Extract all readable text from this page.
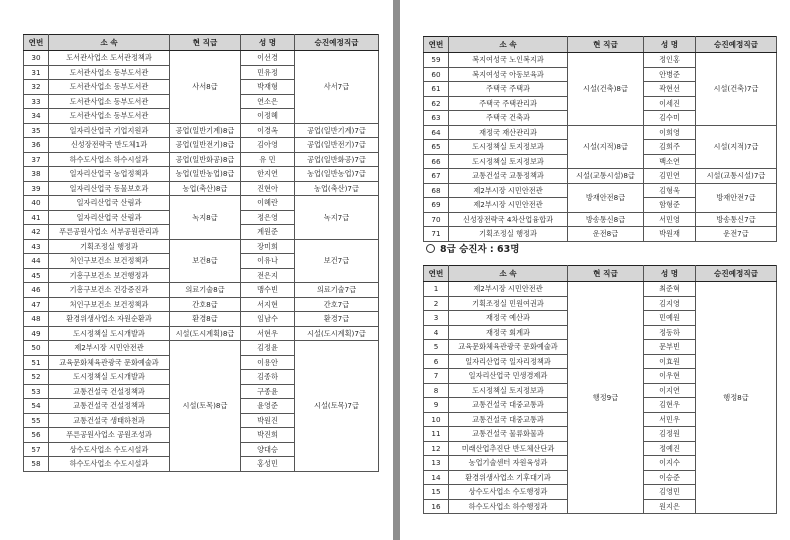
연번	소 속	현 직급	성 명	승진예정직급
30	도서관사업소 도서관정책과	사서8급	이선경	사서7급
31	도서관사업소 동부도서관		민유정	
32	도서관사업소 동부도서관		박재형	
33	도서관사업소 동부도서관		연소은	
34	도서관사업소 동부도서관		이정혜	
35	일자리산업국 기업지원과	공업(일반기계)8급	이경옥	공업(일반기계)7급
36	신성장전략국 반도체1과	공업(일반전기)8급	김아영	공업(일반전기)7급
37	하수도사업소 하수시설과	공업(일반화공)8급	유 민	공업(일반화공)7급
38	일자리산업국 농업정책과	농업(일반농업)8급	한지연	농업(일반농업)7급
39	일자리산업국 동물보호과	농업(축산)8급	진현아	농업(축산)7급
40	일자리산업국 산림과	녹지8급	이혜란	녹지7급
41	일자리산업국 산림과		정은영	
42	푸른공원사업소 서부공원관리과		계원준	
43	기획조정실 행정과	보건8급	장미희	보건7급
44	처인구보건소 보건정책과		이유나	
45	기흥구보건소 보건행정과		전은지	
46	기흥구보건소 건강증진과	의료기술8급	맹수빈	의료기술7급
47	처인구보건소 보건정책과	간호8급	서지현	간호7급
48	환경위생사업소 자원순환과	환경8급	임남수	환경7급
49	도시정책실 도시개발과	시설(도시계획)8급	서현우	시설(도시계획)7급
50	제2부시장 시민안전관	시설(토목)8급	김정윤	시설(토목)7급
51	교육문화체육관광국 문화예술과		이용안	
52	도시정책실 도시개발과		김종하	
53	교통건설국 건설정책과		구종윤	
54	교통건설국 건설정책과		윤영준	
55	교통건설국 생태하천과		박원진	
56	푸른공원사업소 공원조성과		박진희	
57	상수도사업소 수도시설과		양대승	
58	하수도사업소 수도시설과		홍성민	
연번	소 속	현 직급	성 명	승진예정직급
59	복지여성국 노인복지과	시설(건축)8급	정인홍	시설(건축)7급
60	복지여성국 아동보육과		안병준	
61	주택국 주택과		곽현선	
62	주택국 주택관리과		이세진	
63	주택국 건축과		김수미	
64	재정국 재산관리과	시설(지적)8급	이희영	시설(지적)7급
65	도시정책실 토지정보과		김희주	
66	도시정책실 토지정보과		백소연	
67	교통건설국 교통정책과	시설(교통시설)8급	김민연	시설(교통시설)7급
68	제2부시장 시민안전관	방재안전8급	김형욱	방재안전7급
69	제2부시장 시민안전관		함형준	
70	신성장전략국 4차산업융합과	방송통신8급	서민영	방송통신7급
71	기획조정실 행정과	운전8급	박원재	운전7급
8급 승진자 : 63명
연번	소 속	현 직급	성 명	승진예정직급
1	제2부시장 시민안전관	행정9급	최준혁	행정8급
2	기획조정실 민원여권과		김지영	
3	재정국 예산과		민예원	
4	재정국 회계과		정동하	
5	교육문화체육관광국 문화예술과		문부빈	
6	일자리산업국 일자리정책과		이효원	
7	일자리산업국 민생경제과		이우현	
8	도시정책실 토지정보과		이지연	
9	교통건설국 대중교통과		김현우	
10	교통건설국 대중교통과		서민우	
11	교통건설국 물류화물과		김정원	
12	미래산업추진단 반도체산단과		정예진	
13	농업기술센터 자원육성과		이지수	
14	환경위생사업소 기후대기과		이승준	
15	상수도사업소 수도행정과		김영민	
16	하수도사업소 하수행정과		원지은	
